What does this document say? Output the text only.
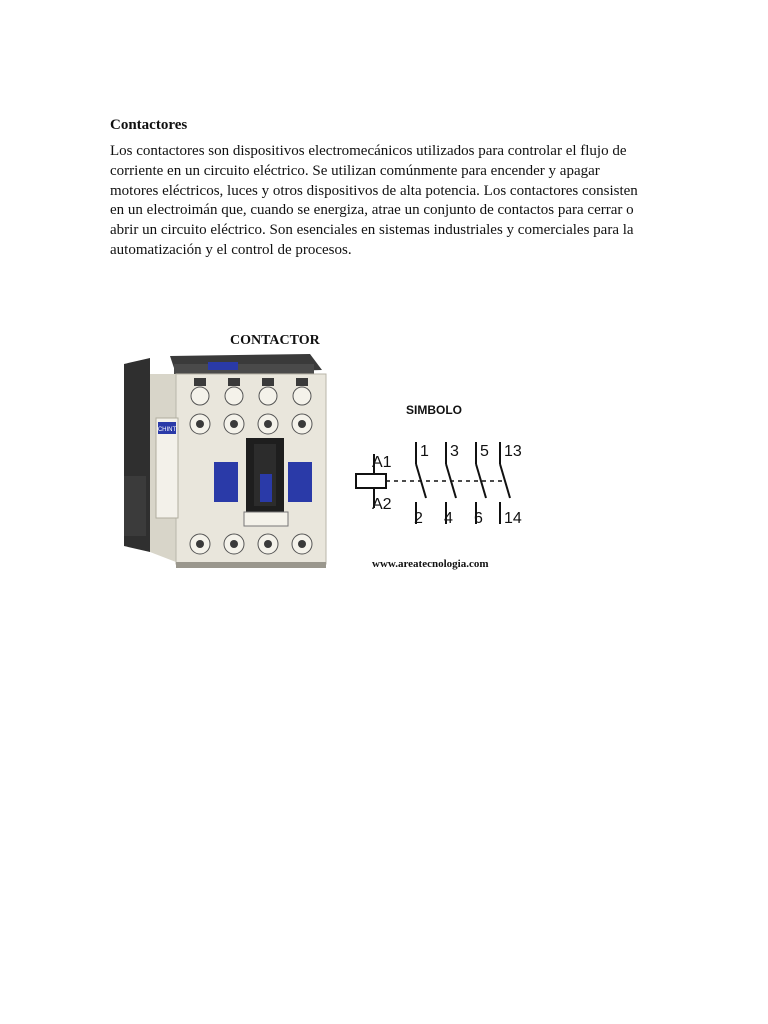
Contactores

Los contactores son dispositivos electromecánicos utilizados para controlar el flujo de
corriente en un circuito eléctrico. Se utilizan comúnmente para encender y apagar
motores eléctricos, luces y otros dispositivos de alta potencia. Los contactores consisten
en un electroimán que, cuando se energiza, atrae un conjunto de contactos para cerrar o
abrir un circuito eléctrico. Son esenciales en sistemas industriales y comerciales para la
automatización y el control de procesos.

CONTACTOR
CHINT
SIMBOLO
A1
A2
1 3 5 13
2 4 6 14
www.areatecnologia.com
